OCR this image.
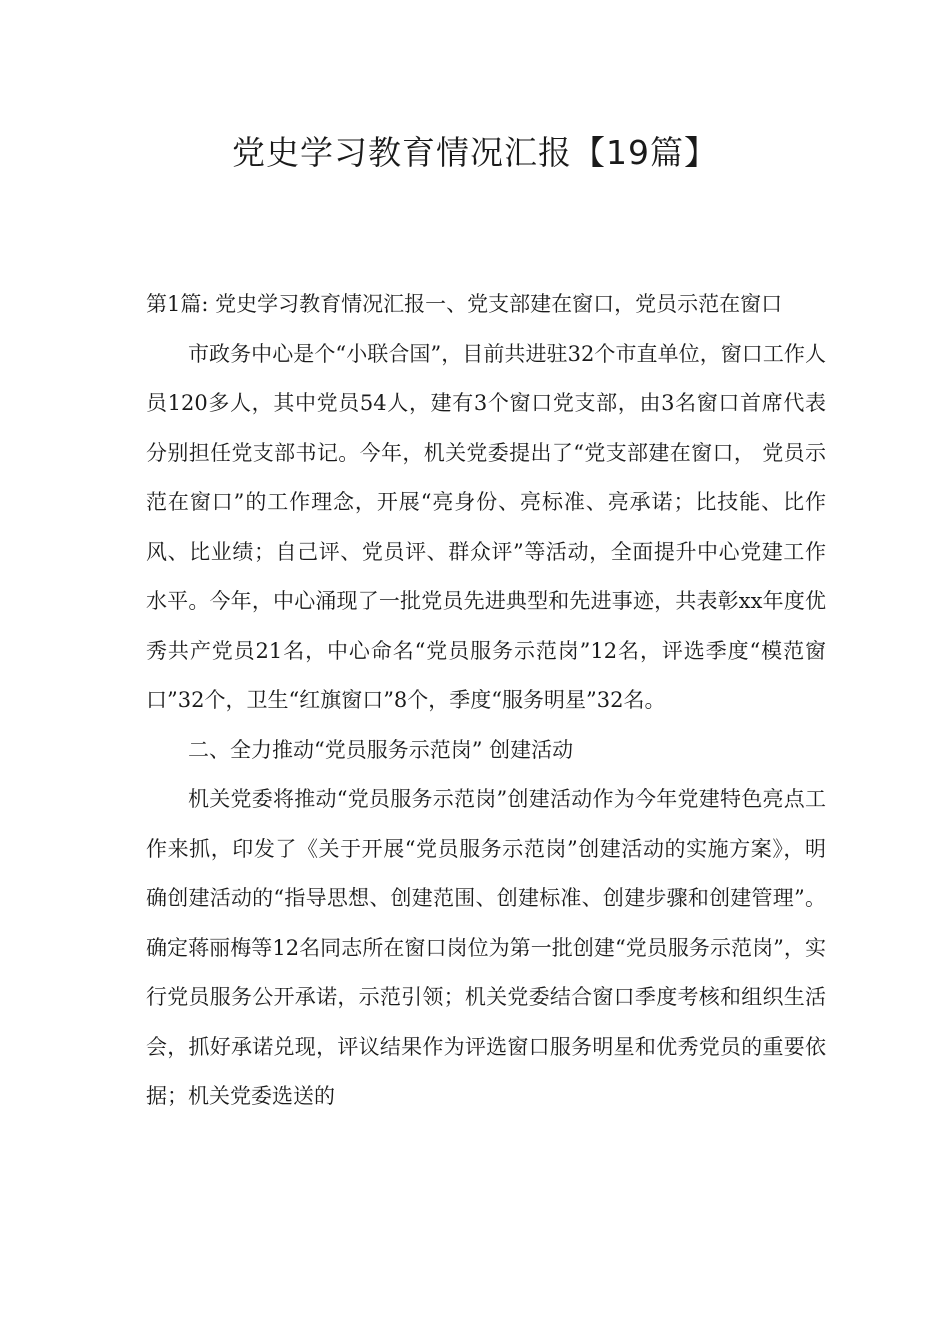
党史学习教育情况汇报【19篇】

第1篇: 党史学习教育情况汇报一、党支部建在窗口，党员示范在窗口

市政务中心是个“小联合国”，目前共进驻32个市直单位，窗口工作人员120多人，其中党员54人，建有3个窗口党支部，由3名窗口首席代表分别担任党支部书记。今年，机关党委提出了“党支部建在窗口， 党员示范在窗口”的工作理念，开展“亮身份、亮标准、亮承诺；比技能、比作风、比业绩；自己评、党员评、群众评”等活动，全面提升中心党建工作水平。今年，中心涌现了一批党员先进典型和先进事迹，共表彰xx年度优秀共产党员21名，中心命名“党员服务示范岗”12名，评选季度“模范窗口”32个，卫生“红旗窗口”8个，季度“服务明星”32名。

二、全力推动“党员服务示范岗” 创建活动

机关党委将推动“党员服务示范岗”创建活动作为今年党建特色亮点工作来抓，印发了《关于开展“党员服务示范岗”创建活动的实施方案》，明确创建活动的“指导思想、创建范围、创建标准、创建步骤和创建管理”。确定蒋丽梅等12名同志所在窗口岗位为第一批创建“党员服务示范岗”，实行党员服务公开承诺，示范引领；机关党委结合窗口季度考核和组织生活会，抓好承诺兑现，评议结果作为评选窗口服务明星和优秀党员的重要依据；机关党委选送的
